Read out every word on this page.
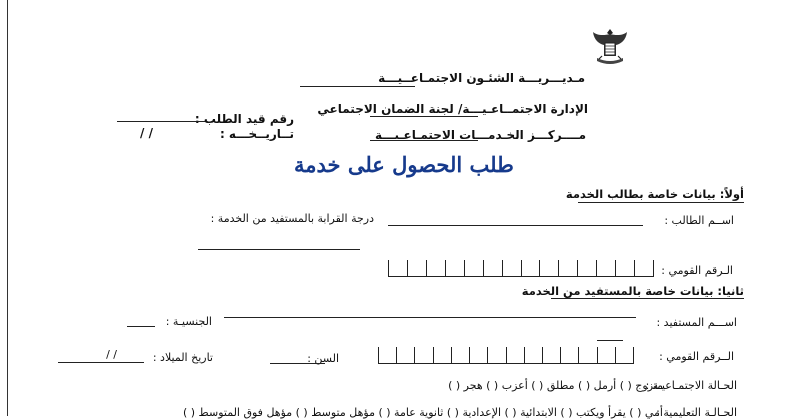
مـديـــريـــة الشئـون الاجتمـاعــيـــة
الإدارة الاجتمــاعـيـــة/ لجنة الضمان الاجتماعي
رقم قيد الطلب :
مــــركـــز الخـدمـــات الاجتمـاعـيـــة
تــاريــخـــه :
/ /
طلب الحصول على خدمة
أولاً: بيانات خاصة بطالب الخدمة
اســم الطالب :
درجة القرابة بالمستفيد من الخدمة :
الـرقم القومي :
ثانيا: بيانات خاصة بالمستفيد من الخدمة
اســـم المستفيد :
الجنسيـة :
الــرقم القومي :
السن :
تاريخ الميلاد :
/ /
الحـالة الاجتمـاعيـة :
متزوج ( ) أرمل ( ) مطلق ( ) أعزب ( ) هجر ( )
الحـالـة التعليمية :
أمي ( ) يقرأ ويكتب ( ) الابتدائية ( ) الإعدادية ( ) ثانوية عامة ( ) مؤهل متوسط ( ) مؤهل فوق المتوسط ( )
